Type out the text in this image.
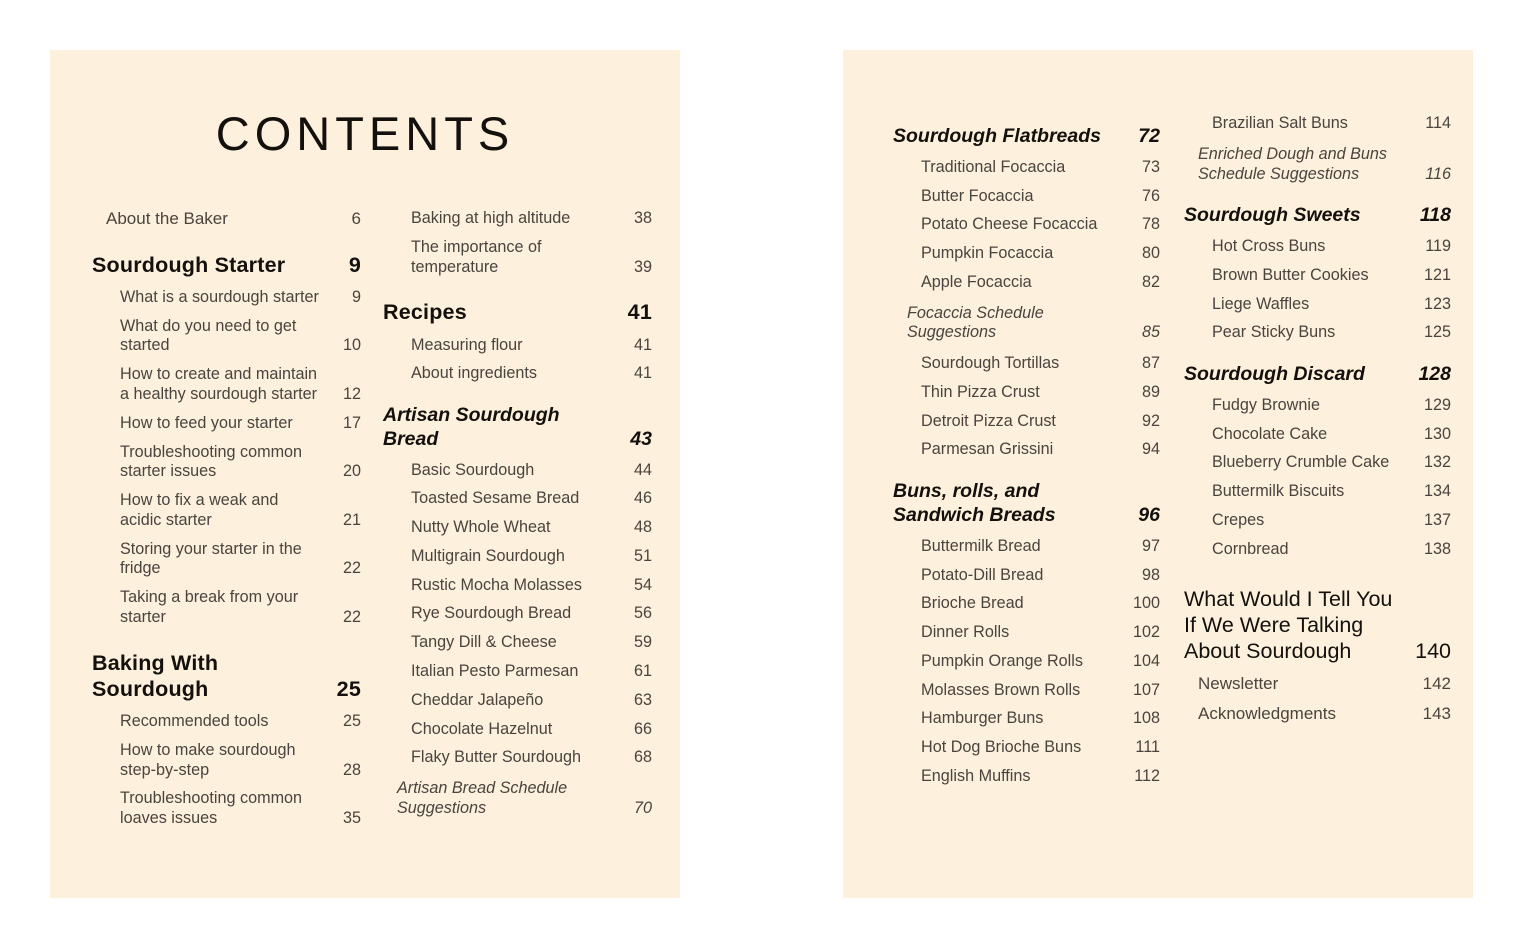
CONTENTS
About the Baker	6
Sourdough Starter	9
What is a sourdough starter	9
What do you need to get started	10
How to create and maintain a healthy sourdough starter	12
How to feed your starter	17
Troubleshooting common starter issues	20
How to fix a weak and acidic starter	21
Storing your starter in the fridge	22
Taking a break from your starter	22
Baking With Sourdough	25
Recommended tools	25
How to make sourdough step-by-step	28
Troubleshooting common loaves issues	35
Baking at high altitude	38
The importance of temperature	39
Recipes	41
Measuring flour	41
About ingredients	41
Artisan Sourdough Bread	43
Basic Sourdough	44
Toasted Sesame Bread	46
Nutty Whole Wheat	48
Multigrain Sourdough	51
Rustic Mocha Molasses	54
Rye Sourdough Bread	56
Tangy Dill & Cheese	59
Italian Pesto Parmesan	61
Cheddar Jalapeño	63
Chocolate Hazelnut	66
Flaky Butter Sourdough	68
Artisan Bread Schedule Suggestions	70
Sourdough Flatbreads	72
Traditional Focaccia	73
Butter Focaccia	76
Potato Cheese Focaccia	78
Pumpkin Focaccia	80
Apple Focaccia	82
Focaccia Schedule Suggestions	85
Sourdough Tortillas	87
Thin Pizza Crust	89
Detroit Pizza Crust	92
Parmesan Grissini	94
Buns, rolls, and Sandwich Breads	96
Buttermilk Bread	97
Potato-Dill Bread	98
Brioche Bread	100
Dinner Rolls	102
Pumpkin Orange Rolls	104
Molasses Brown Rolls	107
Hamburger Buns	108
Hot Dog Brioche Buns	111
English Muffins	112
Brazilian Salt Buns	114
Enriched Dough and Buns Schedule Suggestions	116
Sourdough Sweets	118
Hot Cross Buns	119
Brown Butter Cookies	121
Liege Waffles	123
Pear Sticky Buns	125
Sourdough Discard	128
Fudgy Brownie	129
Chocolate Cake	130
Blueberry Crumble Cake	132
Buttermilk Biscuits	134
Crepes	137
Cornbread	138
What Would I Tell You If We Were Talking About Sourdough	140
Newsletter	142
Acknowledgments	143
